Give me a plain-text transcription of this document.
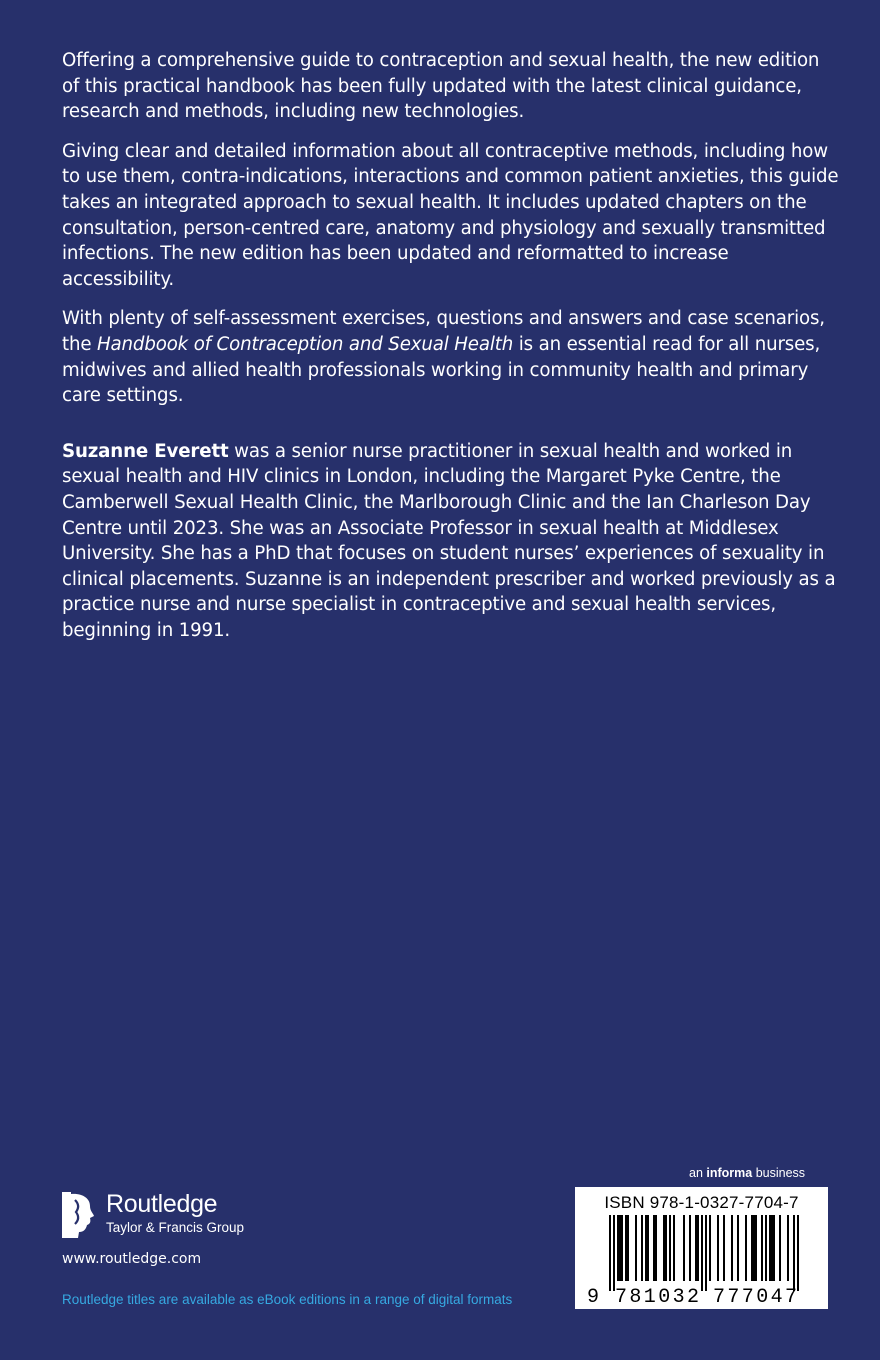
Offering a comprehensive guide to contraception and sexual health, the new edition of this practical handbook has been fully updated with the latest clinical guidance, research and methods, including new technologies.

Giving clear and detailed information about all contraceptive methods, including how to use them, contra-indications, interactions and common patient anxieties, this guide takes an integrated approach to sexual health. It includes updated chapters on the consultation, person-centred care, anatomy and physiology and sexually transmitted infections. The new edition has been updated and reformatted to increase accessibility.

With plenty of self-assessment exercises, questions and answers and case scenarios, the Handbook of Contraception and Sexual Health is an essential read for all nurses, midwives and allied health professionals working in community health and primary care settings.

Suzanne Everett was a senior nurse practitioner in sexual health and worked in sexual health and HIV clinics in London, including the Margaret Pyke Centre, the Camberwell Sexual Health Clinic, the Marlborough Clinic and the Ian Charleson Day Centre until 2023. She was an Associate Professor in sexual health at Middlesex University. She has a PhD that focuses on student nurses’ experiences of sexuality in clinical placements. Suzanne is an independent prescriber and worked previously as a practice nurse and nurse specialist in contraceptive and sexual health services, beginning in 1991.

Routledge
Taylor & Francis Group
www.routledge.com
Routledge titles are available as eBook editions in a range of digital formats
an informa business
ISBN 978-1-0327-7704-7
9 781032 777047
